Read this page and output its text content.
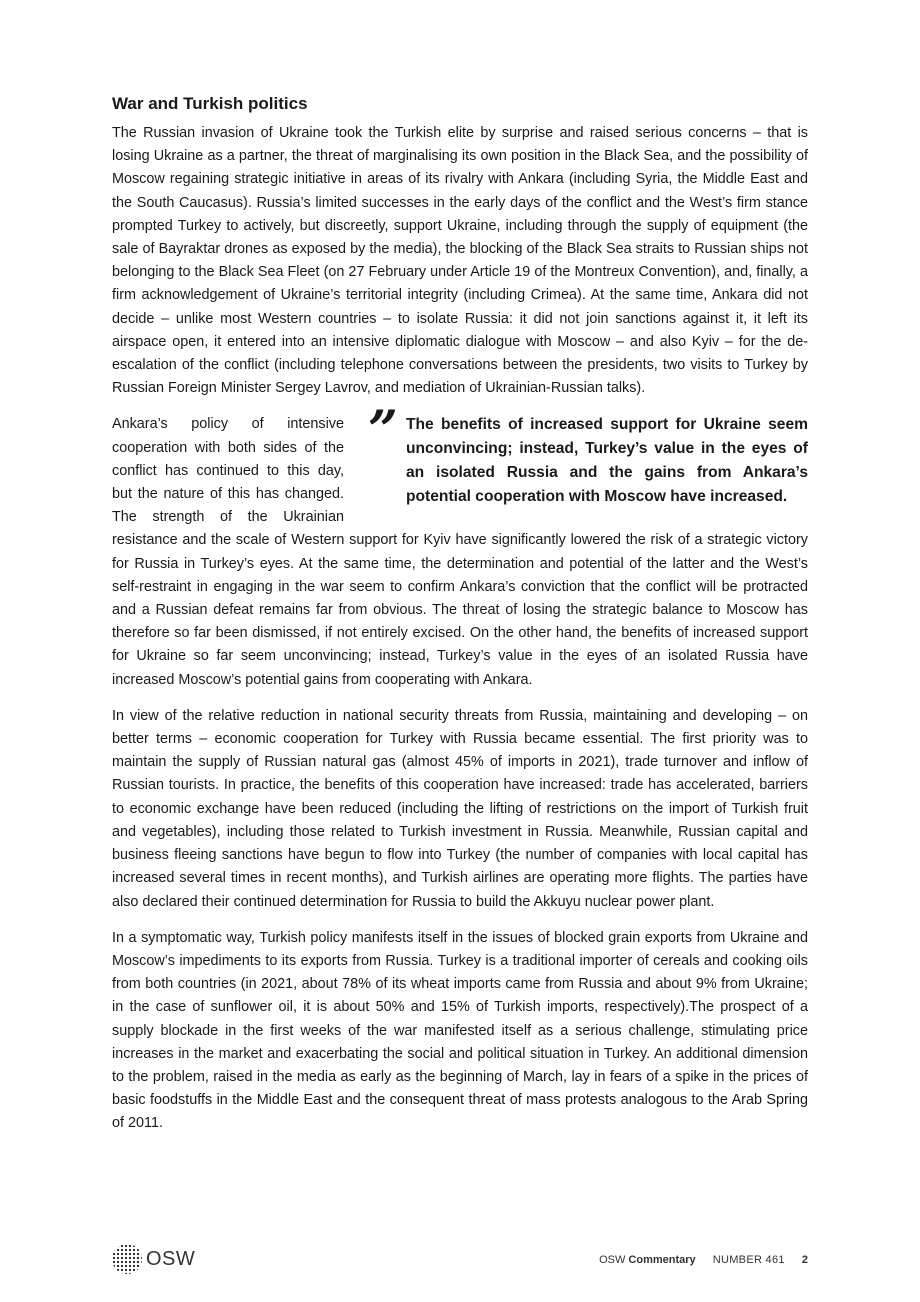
War and Turkish politics

The Russian invasion of Ukraine took the Turkish elite by surprise and raised serious concerns – that is losing Ukraine as a partner, the threat of marginalising its own position in the Black Sea, and the possibility of Moscow regaining strategic initiative in areas of its rivalry with Ankara (including Syria, the Middle East and the South Caucasus). Russia’s limited successes in the early days of the conflict and the West’s firm stance prompted Turkey to actively, but discreetly, support Ukraine, including through the supply of equipment (the sale of Bayraktar drones as exposed by the media), the blocking of the Black Sea straits to Russian ships not belonging to the Black Sea Fleet (on 27 February under Article 19 of the Montreux Convention), and, finally, a firm acknowledgement of Ukraine’s territorial integrity (including Crimea). At the same time, Ankara did not decide – unlike most Western countries – to isolate Russia: it did not join sanctions against it, it left its airspace open, it entered into an intensive diplomatic dialogue with Moscow – and also Kyiv – for the de-escalation of the conflict (including telephone conversations between the presidents, two visits to Turkey by Russian Foreign Minister Sergey Lavrov, and mediation of Ukrainian-Russian talks).

” The benefits of increased support for Ukraine seem unconvincing; instead, Turkey’s value in the eyes of an isolated Russia and the gains from Ankara’s potential cooperation with Moscow have increased.

Ankara’s policy of intensive cooperation with both sides of the conflict has continued to this day, but the nature of this has changed. The strength of the Ukrainian resistance and the scale of Western support for Kyiv have significantly lowered the risk of a strategic victory for Russia in Turkey’s eyes. At the same time, the determination and potential of the latter and the West’s self-restraint in engaging in the war seem to confirm Ankara’s conviction that the conflict will be protracted and a Russian defeat remains far from obvious. The threat of losing the strategic balance to Moscow has therefore so far been dismissed, if not entirely excised. On the other hand, the benefits of increased support for Ukraine so far seem unconvincing; instead, Turkey’s value in the eyes of an isolated Russia have increased Moscow’s potential gains from cooperating with Ankara.

In view of the relative reduction in national security threats from Russia, maintaining and developing – on better terms – economic cooperation for Turkey with Russia became essential. The first priority was to maintain the supply of Russian natural gas (almost 45% of imports in 2021), trade turnover and inflow of Russian tourists. In practice, the benefits of this cooperation have increased: trade has accelerated, barriers to economic exchange have been reduced (including the lifting of restrictions on the import of Turkish fruit and vegetables), including those related to Turkish investment in Russia. Meanwhile, Russian capital and business fleeing sanctions have begun to flow into Turkey (the number of companies with local capital has increased several times in recent months), and Turkish airlines are operating more flights. The parties have also declared their continued determination for Russia to build the Akkuyu nuclear power plant.

In a symptomatic way, Turkish policy manifests itself in the issues of blocked grain exports from Ukraine and Moscow’s impediments to its exports from Russia. Turkey is a traditional importer of cereals and cooking oils from both countries (in 2021, about 78% of its wheat imports came from Russia and about 9% from Ukraine; in the case of sunflower oil, it is about 50% and 15% of Turkish imports, respectively).The prospect of a supply blockade in the first weeks of the war manifested itself as a serious challenge, stimulating price increases in the market and exacerbating the social and political situation in Turkey. An additional dimension to the problem, raised in the media as early as the beginning of March, lay in fears of a spike in the prices of basic foodstuffs in the Middle East and the consequent threat of mass protests analogous to the Arab Spring of 2011.

OSW	OSW Commentary NUMBER 461 2
